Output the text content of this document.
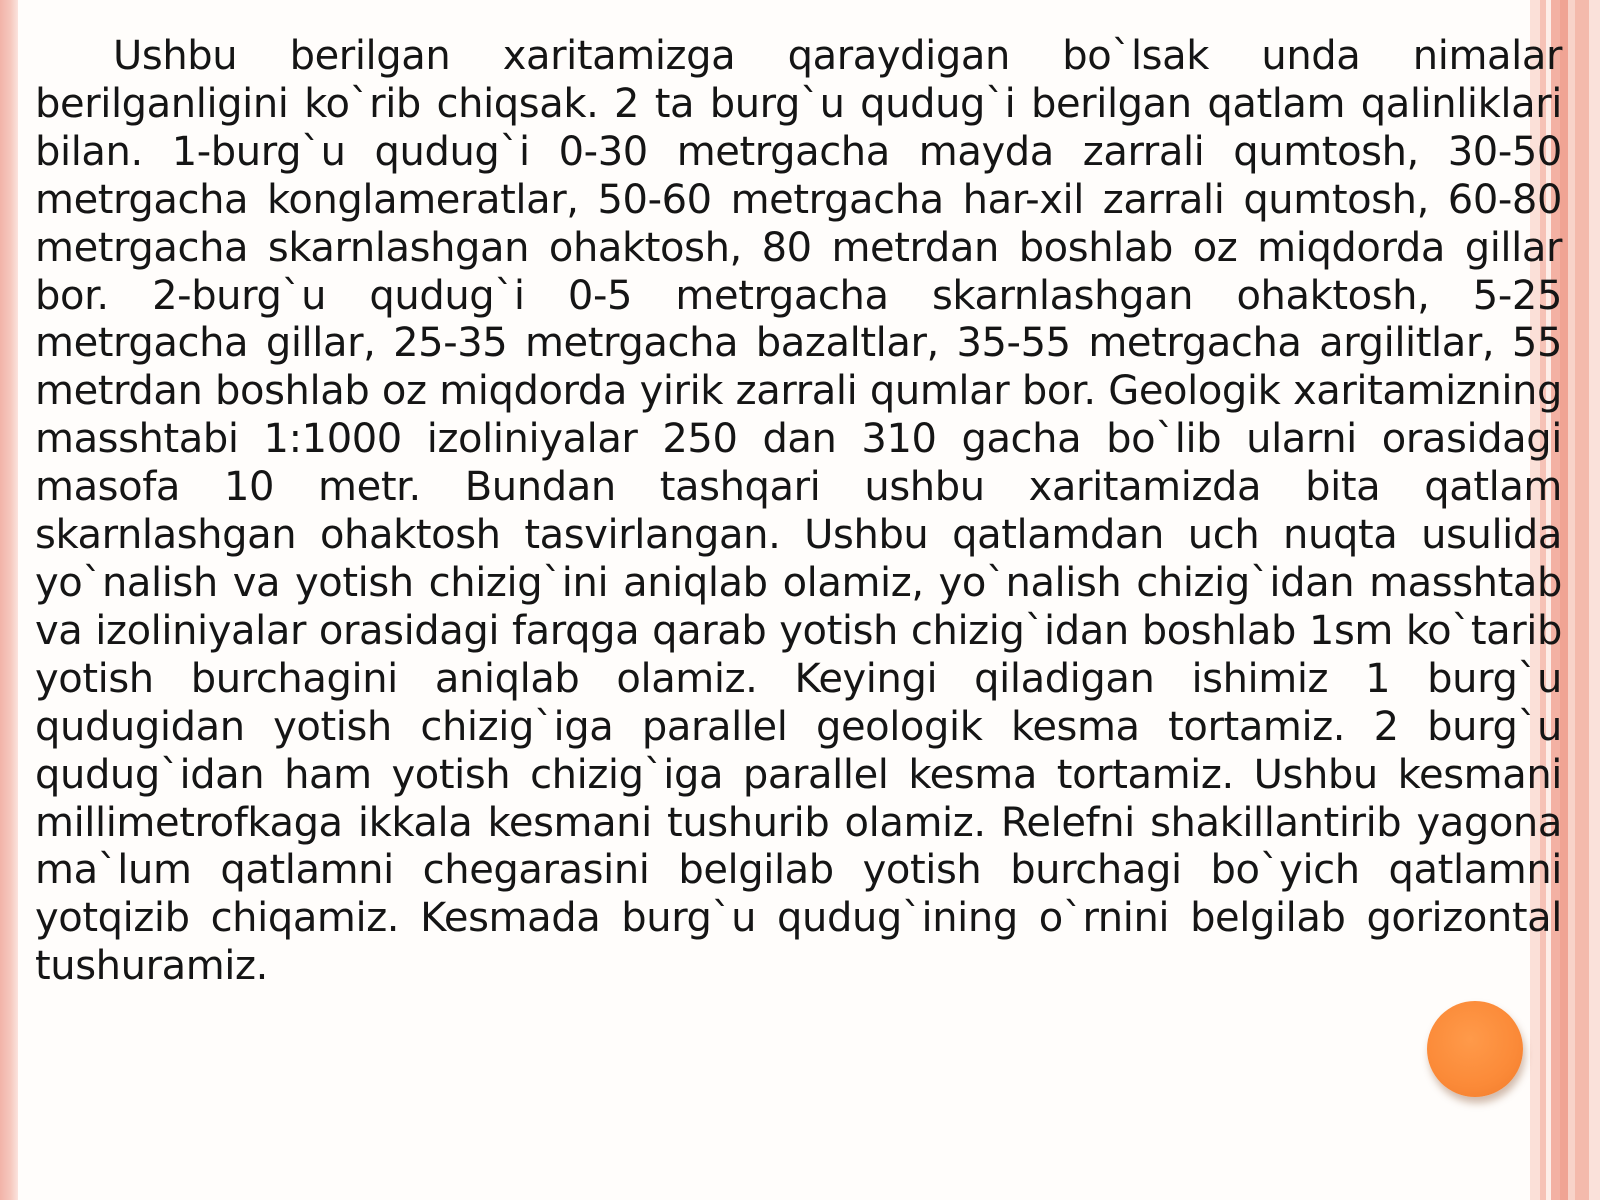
Ushbu berilgan xaritamizga qaraydigan bo`lsak unda nimalar berilganligini ko`rib chiqsak. 2 ta burg`u qudug`i berilgan qatlam qalinliklari bilan. 1-burg`u qudug`i 0-30 metrgacha mayda zarrali qumtosh, 30-50 metrgacha konglameratlar, 50-60 metrgacha har-xil zarrali qumtosh, 60-80 metrgacha skarnlashgan ohaktosh, 80 metrdan boshlab oz miqdorda gillar bor. 2-burg`u qudug`i 0-5 metrgacha skarnlashgan ohaktosh, 5-25 metrgacha gillar, 25-35 metrgacha bazaltlar, 35-55 metrgacha argilitlar, 55 metrdan boshlab oz miqdorda yirik zarrali qumlar bor. Geologik xaritamizning masshtabi 1:1000 izoliniyalar 250 dan 310 gacha bo`lib ularni orasidagi masofa 10 metr. Bundan tashqari ushbu xaritamizda bita qatlam skarnlashgan ohaktosh tasvirlangan. Ushbu qatlamdan uch nuqta usulida yo`nalish va yotish chizig`ini aniqlab olamiz, yo`nalish chizig`idan masshtab va izoliniyalar orasidagi farqga qarab yotish chizig`idan boshlab 1sm ko`tarib yotish burchagini aniqlab olamiz. Keyingi qiladigan ishimiz 1 burg`u qudugidan yotish chizig`iga parallel geologik kesma tortamiz. 2 burg`u qudug`idan ham yotish chizig`iga parallel kesma tortamiz. Ushbu kesmani millimetrofkaga ikkala kesmani tushurib olamiz. Relefni shakillantirib yagona ma`lum qatlamni chegarasini belgilab yotish burchagi bo`yich qatlamni yotqizib chiqamiz. Kesmada burg`u qudug`ining o`rnini belgilab gorizontal tushuramiz.
